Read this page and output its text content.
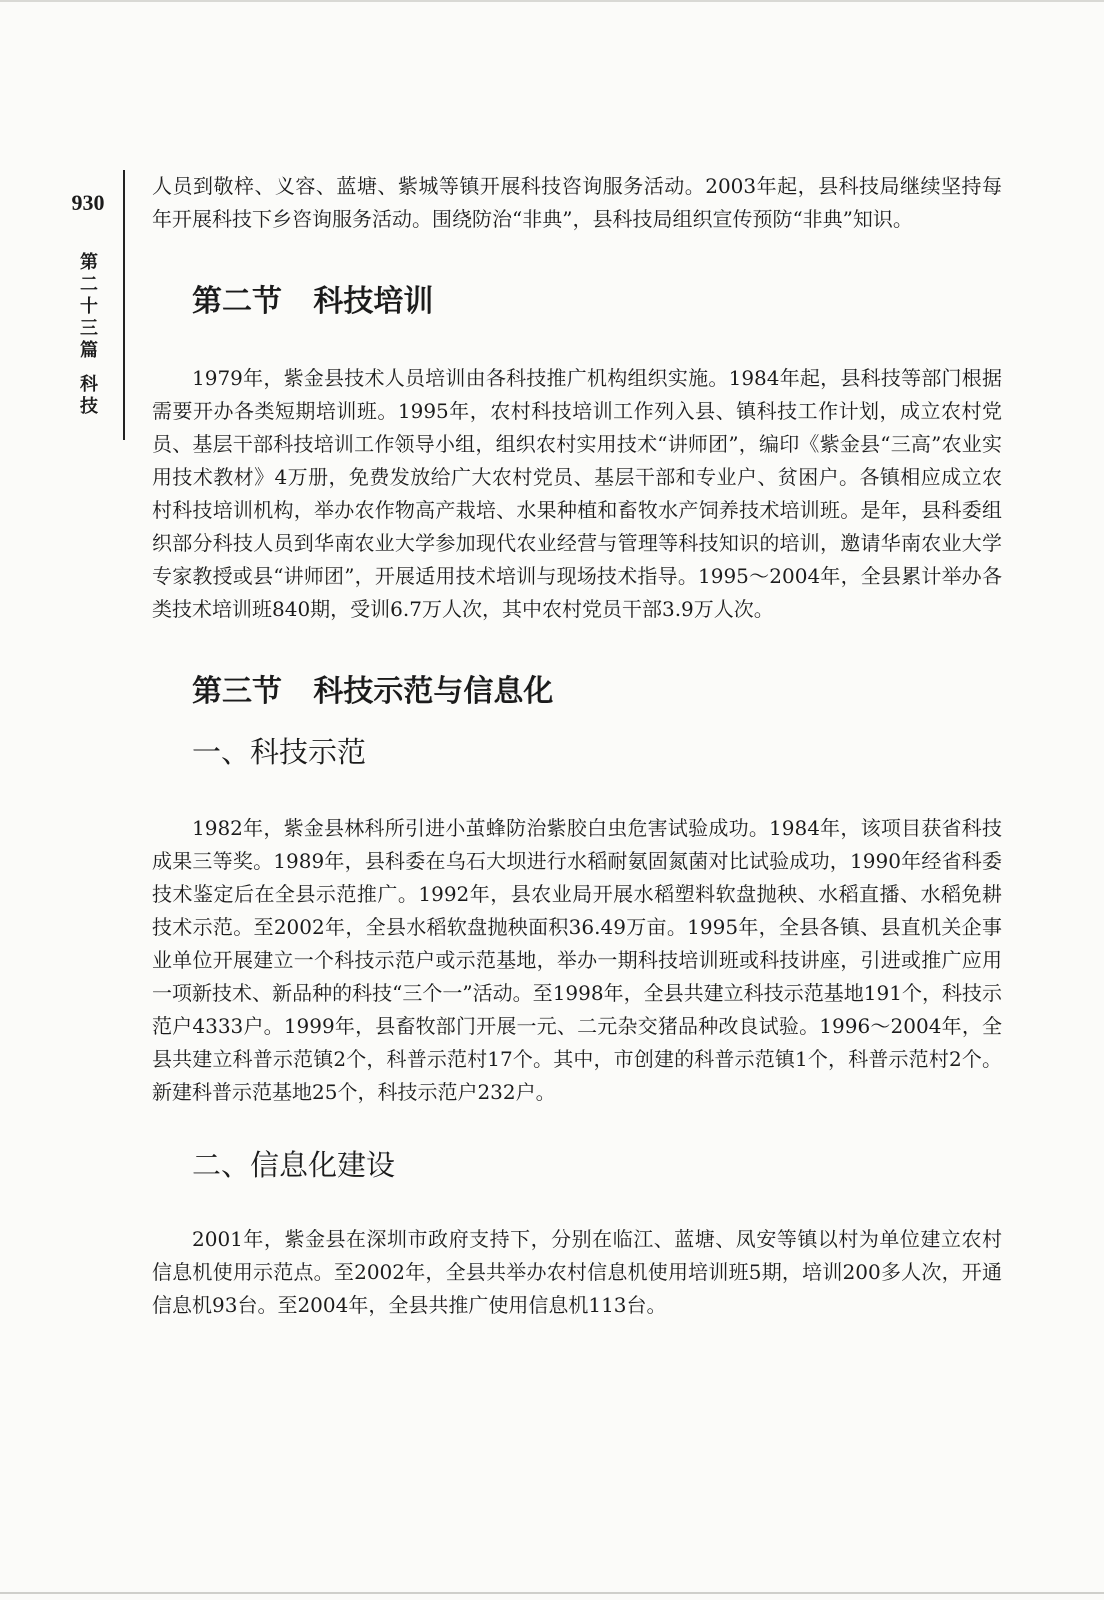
930
第二十三篇
科技

人员到敬梓、义容、蓝塘、紫城等镇开展科技咨询服务活动。2003年起，县科技局继续坚持每年开展科技下乡咨询服务活动。围绕防治“非典”，县科技局组织宣传预防“非典”知识。

第二节   科技培训

1979年，紫金县技术人员培训由各科技推广机构组织实施。1984年起，县科技等部门根据需要开办各类短期培训班。1995年，农村科技培训工作列入县、镇科技工作计划，成立农村党员、基层干部科技培训工作领导小组，组织农村实用技术“讲师团”，编印《紫金县“三高”农业实用技术教材》4万册，免费发放给广大农村党员、基层干部和专业户、贫困户。各镇相应成立农村科技培训机构，举办农作物高产栽培、水果种植和畜牧水产饲养技术培训班。是年，县科委组织部分科技人员到华南农业大学参加现代农业经营与管理等科技知识的培训，邀请华南农业大学专家教授或县“讲师团”，开展适用技术培训与现场技术指导。1995～2004年，全县累计举办各类技术培训班840期，受训6.7万人次，其中农村党员干部3.9万人次。

第三节   科技示范与信息化
一、科技示范

1982年，紫金县林科所引进小茧蜂防治紫胶白虫危害试验成功。1984年，该项目获省科技成果三等奖。1989年，县科委在乌石大坝进行水稻耐氨固氮菌对比试验成功，1990年经省科委技术鉴定后在全县示范推广。1992年，县农业局开展水稻塑料软盘抛秧、水稻直播、水稻免耕技术示范。至2002年，全县水稻软盘抛秧面积36.49万亩。1995年，全县各镇、县直机关企事业单位开展建立一个科技示范户或示范基地，举办一期科技培训班或科技讲座，引进或推广应用一项新技术、新品种的科技“三个一”活动。至1998年，全县共建立科技示范基地191个，科技示范户4333户。1999年，县畜牧部门开展一元、二元杂交猪品种改良试验。1996～2004年，全县共建立科普示范镇2个，科普示范村17个。其中，市创建的科普示范镇1个，科普示范村2个。新建科普示范基地25个，科技示范户232户。

二、信息化建设

2001年，紫金县在深圳市政府支持下，分别在临江、蓝塘、凤安等镇以村为单位建立农村信息机使用示范点。至2002年，全县共举办农村信息机使用培训班5期，培训200多人次，开通信息机93台。至2004年，全县共推广使用信息机113台。
